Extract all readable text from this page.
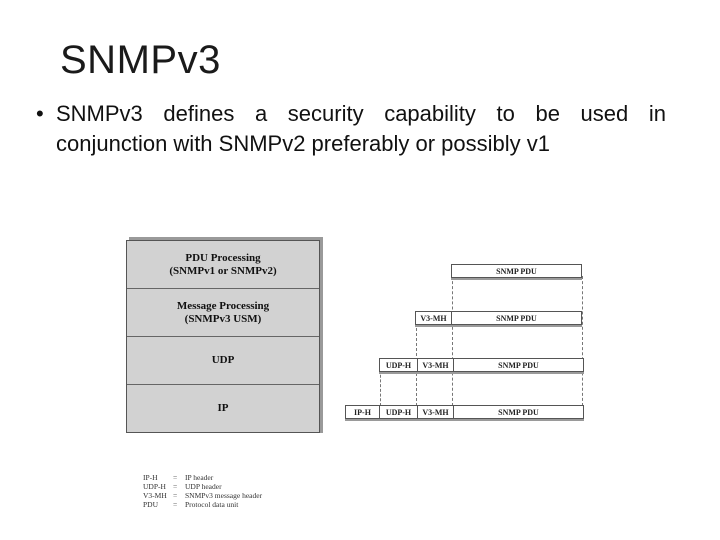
SNMPv3
• SNMPv3 defines a security capability to be used in conjunction with SNMPv2 preferably or possibly v1
PDU Processing
(SNMPv1 or SNMPv2)
Message Processing
(SNMPv3 USM)
UDP
IP
SNMP PDU
V3-MH	SNMP PDU
UDP-H	V3-MH	SNMP PDU
IP-H	UDP-H	V3-MH	SNMP PDU
IP-H	=	IP header
UDP-H =	UDP header
V3-MH =	SNMPv3 message header
PDU	=	Protocol data unit
